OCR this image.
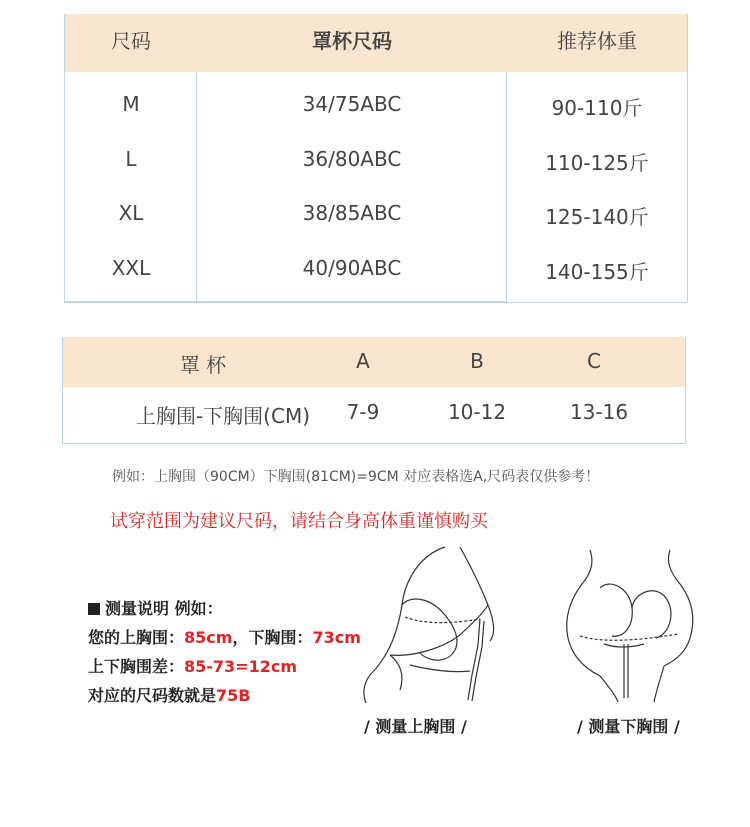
尺码	罩杯尺码	推荐体重
M	34/75ABC	90-110斤
L	36/80ABC	110-125斤
XL	38/85ABC	125-140斤
XXL	40/90ABC	140-155斤
罩 杯	A	B	C
上胸围-下胸围(CM)	7-9	10-12	13-16
例如：上胸围（90CM）下胸围(81CM)=9CM 对应表格选A,尺码表仅供参考！
试穿范围为建议尺码，请结合身高体重谨慎购买
测量说明 例如：
您的上胸围：85cm，下胸围：73cm
上下胸围差：85-73=12cm
对应的尺码数就是75B
/ 测量上胸围 /	/ 测量下胸围 /
